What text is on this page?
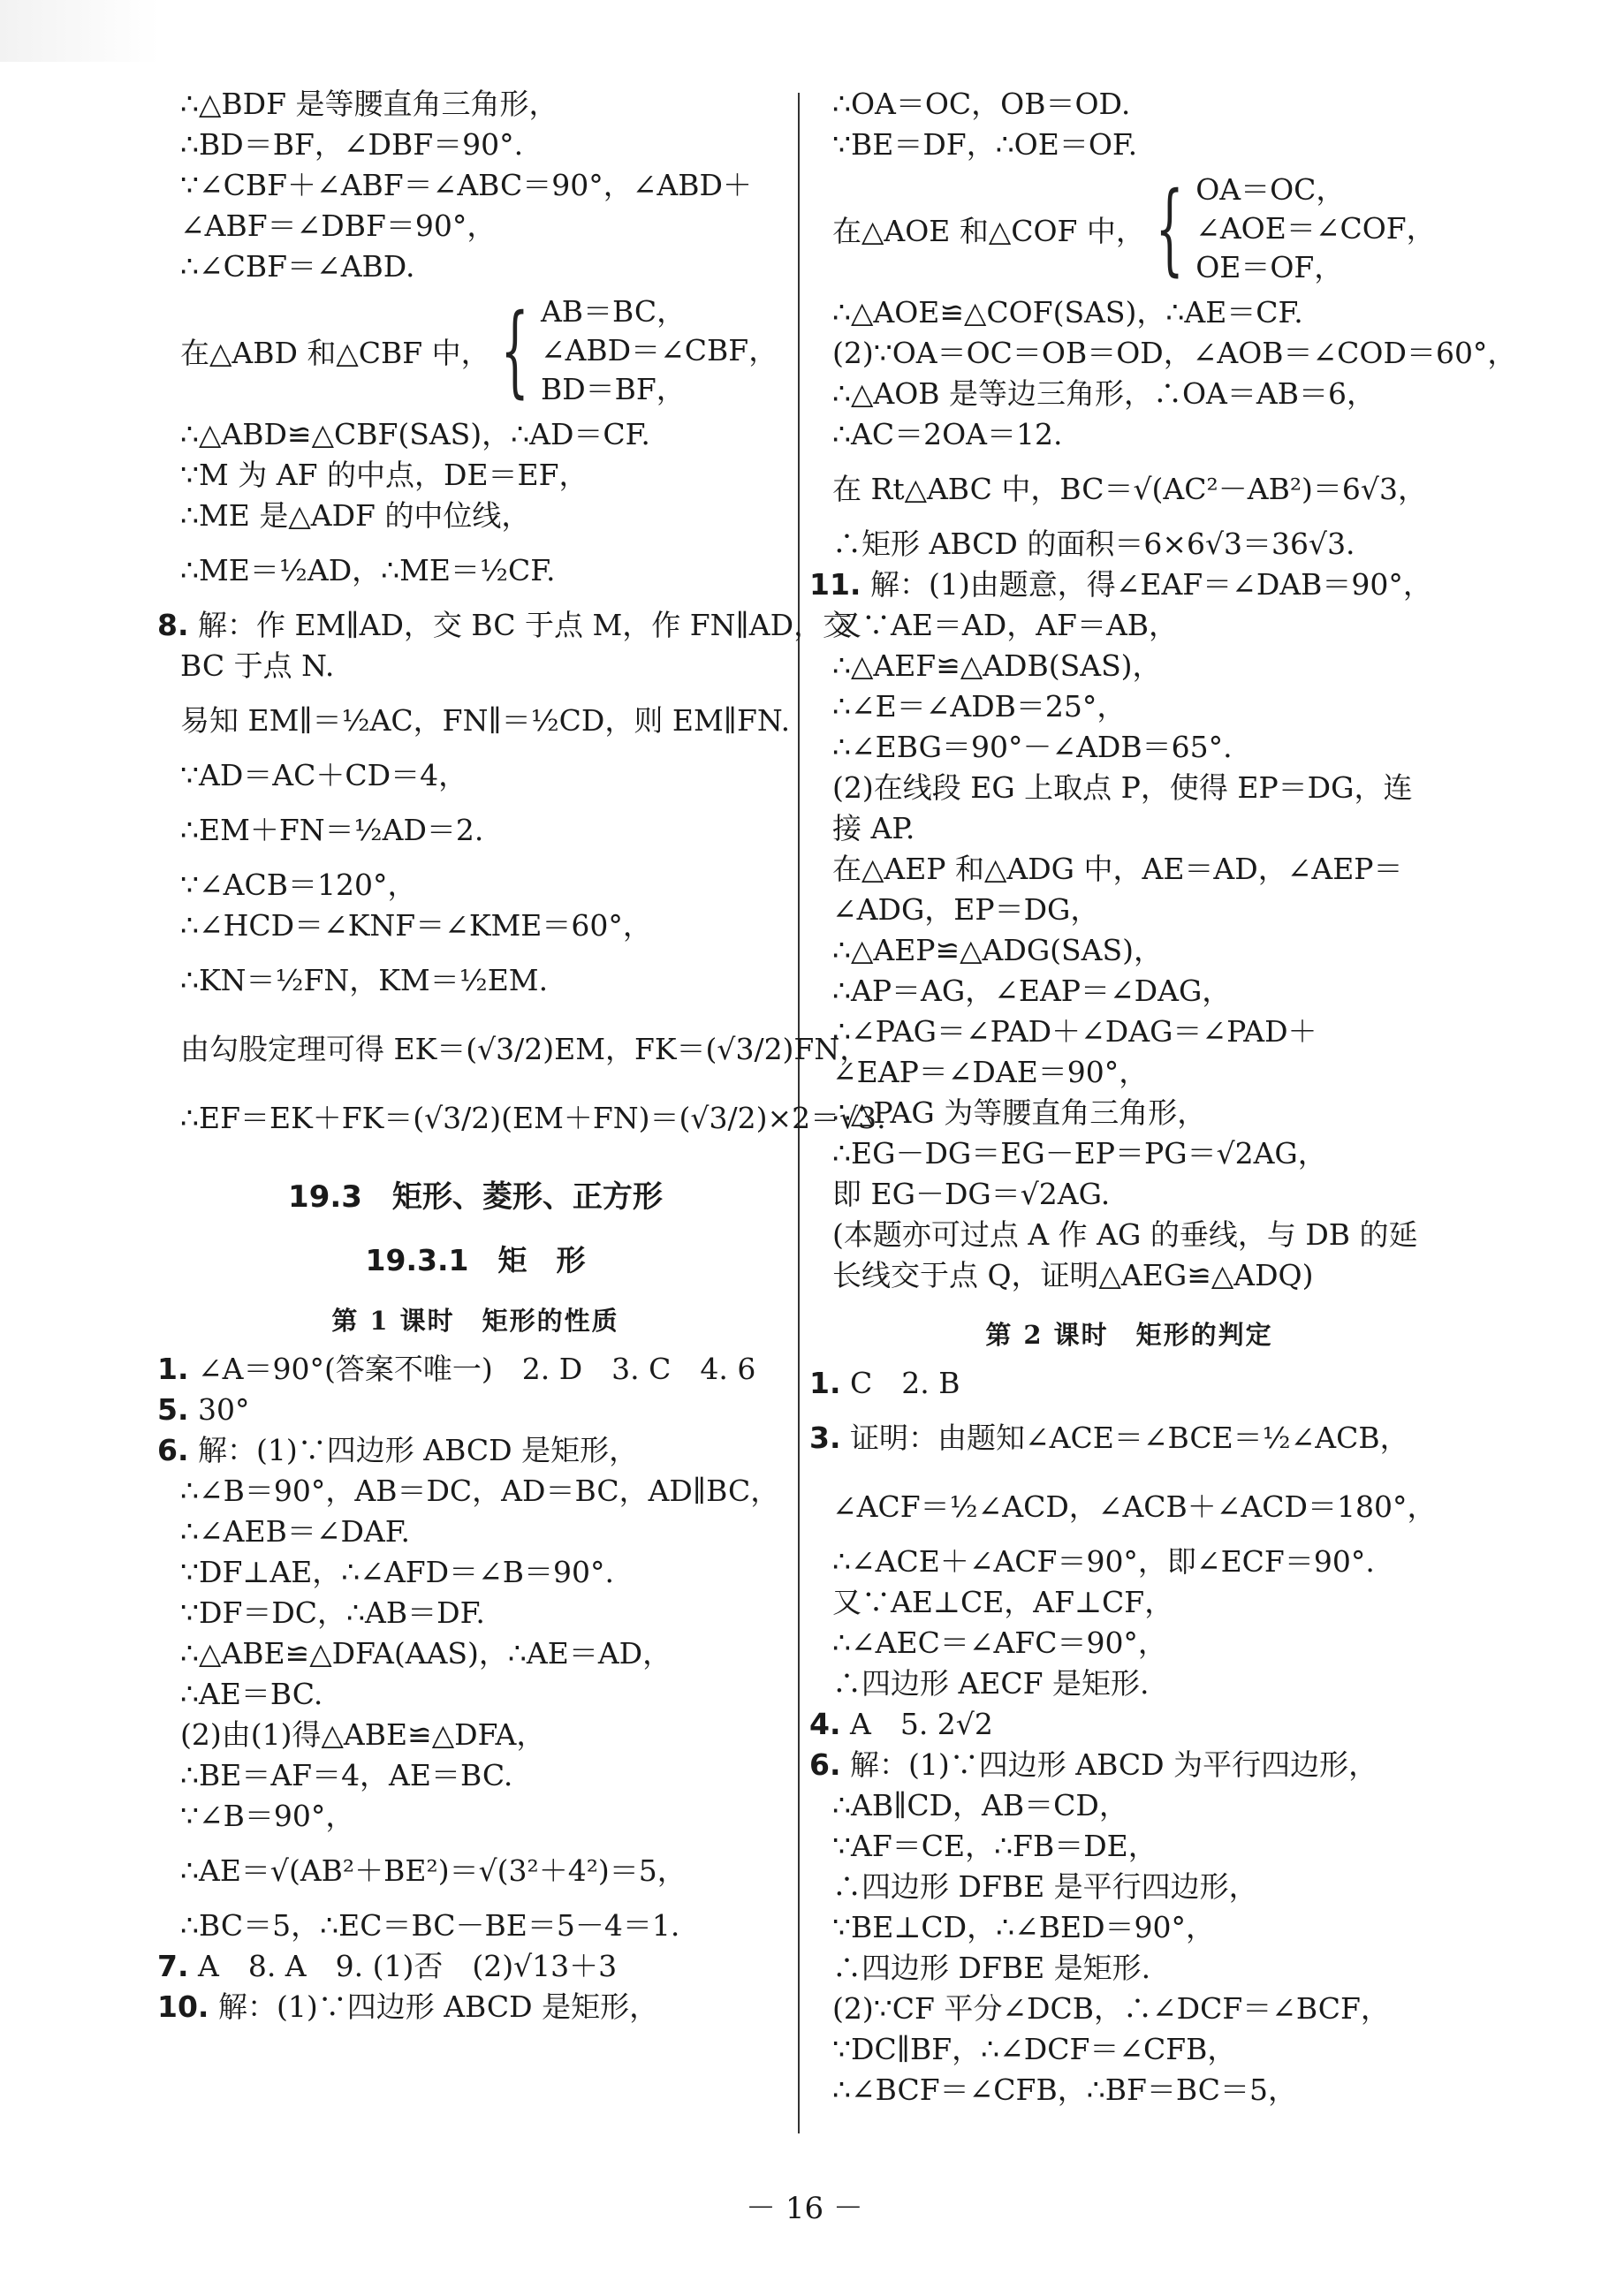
∴△BDF 是等腰直角三角形，
∴BD＝BF，∠DBF＝90°.
∵∠CBF＋∠ABF＝∠ABC＝90°，∠ABD＋
∠ABF＝∠DBF＝90°，
∴∠CBF＝∠ABD.
在△ABD 和△CBF 中， { AB＝BC，
∠ABD＝∠CBF，
BD＝BF，
∴△ABD≌△CBF(SAS)，∴AD＝CF.
∵M 为 AF 的中点，DE＝EF，
∴ME 是△ADF 的中位线，
∴ME＝½AD，∴ME＝½CF.
8. 解：作 EM∥AD，交 BC 于点 M，作 FN∥AD，交
BC 于点 N.
易知 EM∥＝½AC，FN∥＝½CD，则 EM∥FN.
∵AD＝AC＋CD＝4，
∴EM＋FN＝½AD＝2.
∵∠ACB＝120°，
∴∠HCD＝∠KNF＝∠KME＝60°，
∴KN＝½FN，KM＝½EM.
由勾股定理可得 EK＝(√3/2)EM，FK＝(√3/2)FN，
∴EF＝EK＋FK＝(√3/2)(EM＋FN)＝(√3/2)×2＝√3.
19.3　矩形、菱形、正方形
19.3.1　矩　形
第 1 课时　矩形的性质
1. ∠A＝90°(答案不唯一)　2. D　3. C　4. 6
5. 30°
6. 解：(1)∵四边形 ABCD 是矩形，
∴∠B＝90°，AB＝DC，AD＝BC，AD∥BC，
∴∠AEB＝∠DAF.
∵DF⊥AE，∴∠AFD＝∠B＝90°.
∵DF＝DC，∴AB＝DF.
∴△ABE≌△DFA(AAS)，∴AE＝AD，
∴AE＝BC.
(2)由(1)得△ABE≌△DFA，
∴BE＝AF＝4，AE＝BC.
∵∠B＝90°，
∴AE＝√(AB²＋BE²)＝√(3²＋4²)＝5，
∴BC＝5，∴EC＝BC－BE＝5－4＝1.
7. A　8. A　9. (1)否　(2)√13＋3
10. 解：(1)∵四边形 ABCD 是矩形，
∴OA＝OC，OB＝OD.
∵BE＝DF，∴OE＝OF.
在△AOE 和△COF 中， { OA＝OC，
∠AOE＝∠COF，
OE＝OF，
∴△AOE≌△COF(SAS)，∴AE＝CF.
(2)∵OA＝OC＝OB＝OD，∠AOB＝∠COD＝60°，
∴△AOB 是等边三角形，∴OA＝AB＝6，
∴AC＝2OA＝12.
在 Rt△ABC 中，BC＝√(AC²－AB²)＝6√3，
∴矩形 ABCD 的面积＝6×6√3＝36√3.
11. 解：(1)由题意，得∠EAF＝∠DAB＝90°，
又∵AE＝AD，AF＝AB，
∴△AEF≌△ADB(SAS)，
∴∠E＝∠ADB＝25°，
∴∠EBG＝90°－∠ADB＝65°.
(2)在线段 EG 上取点 P，使得 EP＝DG，连
接 AP.
在△AEP 和△ADG 中，AE＝AD，∠AEP＝
∠ADG，EP＝DG，
∴△AEP≌△ADG(SAS)，
∴AP＝AG，∠EAP＝∠DAG，
∴∠PAG＝∠PAD＋∠DAG＝∠PAD＋
∠EAP＝∠DAE＝90°，
∴△PAG 为等腰直角三角形，
∴EG－DG＝EG－EP＝PG＝√2AG，
即 EG－DG＝√2AG.
(本题亦可过点 A 作 AG 的垂线，与 DB 的延
长线交于点 Q，证明△AEG≌△ADQ)
第 2 课时　矩形的判定
1. C　2. B
3. 证明：由题知∠ACE＝∠BCE＝½∠ACB，
∠ACF＝½∠ACD，∠ACB＋∠ACD＝180°，
∴∠ACE＋∠ACF＝90°，即∠ECF＝90°.
又∵AE⊥CE，AF⊥CF，
∴∠AEC＝∠AFC＝90°，
∴四边形 AECF 是矩形.
4. A　5. 2√2
6. 解：(1)∵四边形 ABCD 为平行四边形，
∴AB∥CD，AB＝CD，
∵AF＝CE，∴FB＝DE，
∴四边形 DFBE 是平行四边形，
∵BE⊥CD，∴∠BED＝90°，
∴四边形 DFBE 是矩形.
(2)∵CF 平分∠DCB，∴∠DCF＝∠BCF，
∵DC∥BF，∴∠DCF＝∠CFB，
∴∠BCF＝∠CFB，∴BF＝BC＝5，
－ 16 －
